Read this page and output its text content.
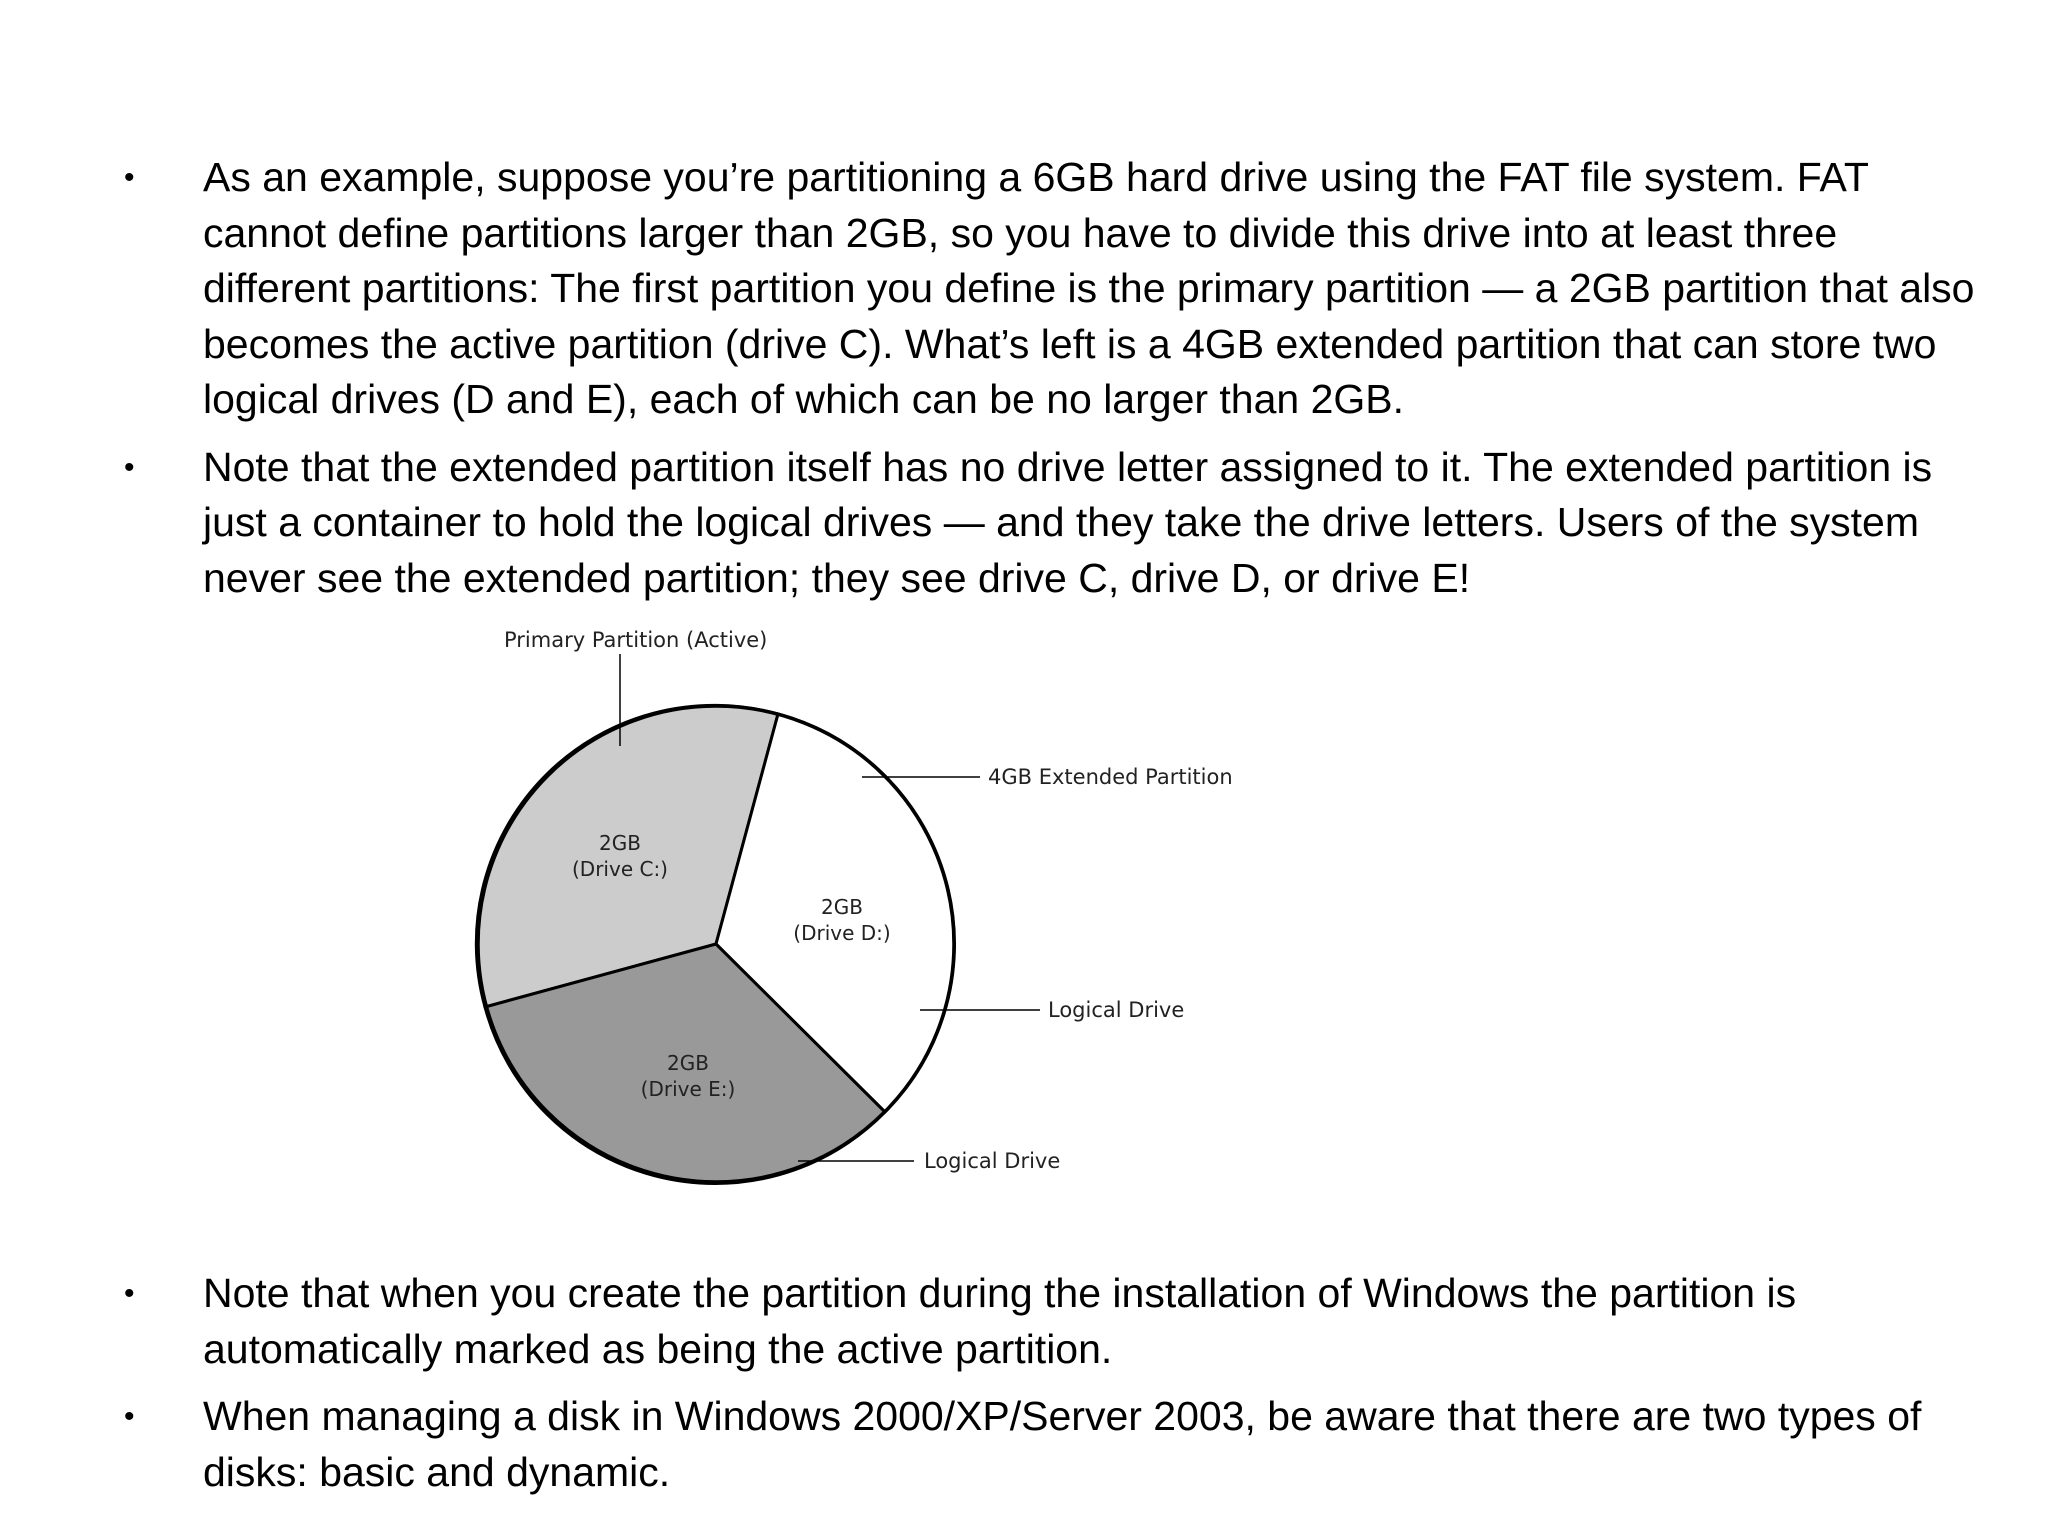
• As an example, suppose you’re partitioning a 6GB hard drive using the FAT file system. FAT cannot define partitions larger than 2GB, so you have to divide this drive into at least three different partitions: The first partition you define is the primary partition — a 2GB partition that also becomes the active partition (drive C). What’s left is a 4GB extended partition that can store two logical drives (D and E), each of which can be no larger than 2GB.
• Note that the extended partition itself has no drive letter assigned to it. The extended partition is just a container to hold the logical drives — and they take the drive letters. Users of the system never see the extended partition; they see drive C, drive D, or drive E!
Primary Partition (Active)
4GB Extended Partition
Logical Drive
Logical Drive
2GB
(Drive C:)
2GB
(Drive D:)
2GB
(Drive E:)
• Note that when you create the partition during the installation of Windows the partition is automatically marked as being the active partition.
• When managing a disk in Windows 2000/XP/Server 2003, be aware that there are two types of disks: basic and dynamic.
